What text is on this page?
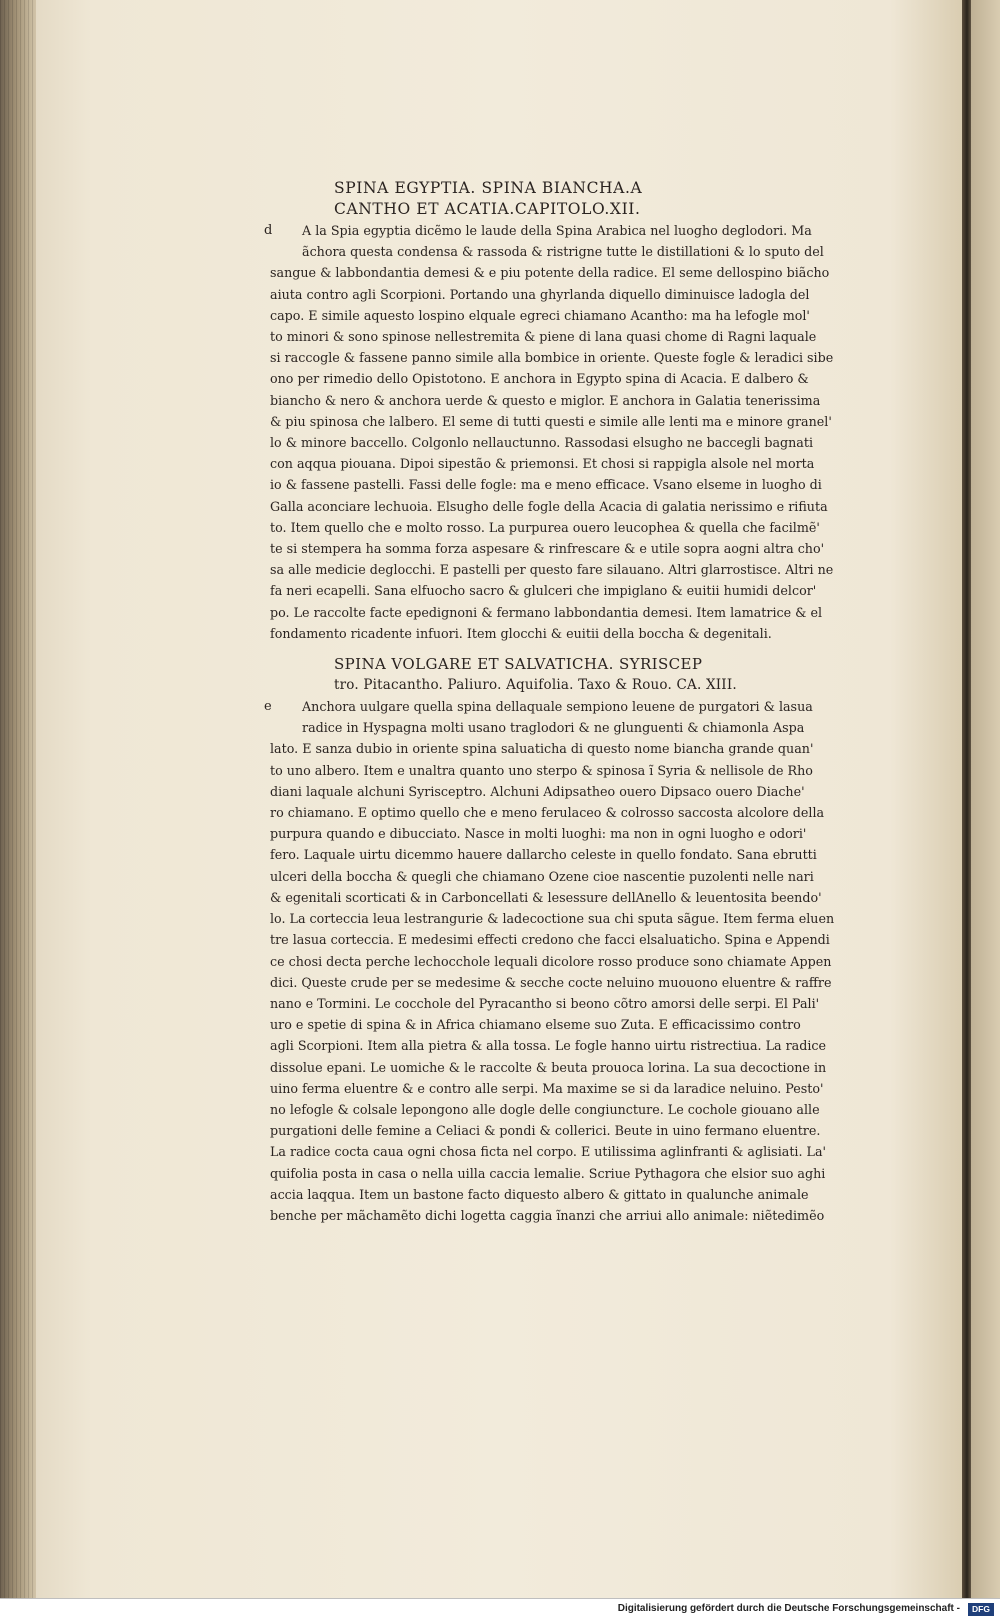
SPINA EGYPTIA. SPINA BIANCHA.A

CANTHO ET ACATIA.CAPITOLO.XII.

d A la Spia egyptia dicẽmo le laude della Spina Arabica nel luogho deglodori. Ma

ãchora questa condensa & rassoda & ristrigne tutte le distillationi & lo sputo del

sangue & labbondantia demesi & e piu potente della radice. El seme dellospino biãcho

aiuta contro agli Scorpioni. Portando una ghyrlanda diquello diminuisce ladogla del

capo. E simile aquesto lospino elquale egreci chiamano Acantho: ma ha lefogle mol'

to minori & sono spinose nellestremita & piene di lana quasi chome di Ragni laquale

si raccogle & fassene panno simile alla bombice in oriente. Queste fogle & leradici sibe

ono per rimedio dello Opistotono. E anchora in Egypto spina di Acacia. E dalbero &

biancho & nero & anchora uerde & questo e miglor. E anchora in Galatia tenerissima

& piu spinosa che lalbero. El seme di tutti questi e simile alle lenti ma e minore granel'

lo & minore baccello. Colgonlo nellauctunno. Rassodasi elsugho ne baccegli bagnati

con aqqua piouana. Dipoi sipestão & priemonsi. Et chosi si rappigla alsole nel morta

io & fassene pastelli. Fassi delle fogle: ma e meno efficace. Vsano elseme in luogho di

Galla aconciare lechuoia. Elsugho delle fogle della Acacia di galatia nerissimo e rifiuta

to. Item quello che e molto rosso. La purpurea ouero leucophea & quella che facilmẽ'

te si stempera ha somma forza aspesare & rinfrescare & e utile sopra aogni altra cho'

sa alle medicie deglocchi. E pastelli per questo fare silauano. Altri glarrostisce. Altri ne

fa neri ecapelli. Sana elfuocho sacro & glulceri che impiglano & euitii humidi delcor'

po. Le raccolte facte epedignoni & fermano labbondantia demesi. Item lamatrice & el

fondamento ricadente infuori. Item glocchi & euitii della boccha & degenitali.

SPINA VOLGARE ET SALVATICHA. SYRISCEP

tro. Pitacantho. Paliuro. Aquifolia. Taxo & Rouo. CA. XIII.

e Anchora uulgare quella spina dellaquale sempiono leuene de purgatori & lasua

radice in Hyspagna molti usano traglodori & ne glunguenti & chiamonla Aspa

lato. E sanza dubio in oriente spina saluaticha di questo nome biancha grande quan'

to uno albero. Item e unaltra quanto uno sterpo & spinosa ĩ Syria & nellisole de Rho

diani laquale alchuni Syrisceptro. Alchuni Adipsatheo ouero Dipsaco ouero Diache'

ro chiamano. E optimo quello che e meno ferulaceo & colrosso saccosta alcolore della

purpura quando e dibucciato. Nasce in molti luoghi: ma non in ogni luogho e odori'

fero. Laquale uirtu dicemmo hauere dallarcho celeste in quello fondato. Sana ebrutti

ulceri della boccha & quegli che chiamano Ozene cioe nascentie puzolenti nelle nari

& egenitali scorticati & in Carboncellati & lesessure dellAnello & leuentosita beendo'

lo. La corteccia leua lestrangurie & ladecoctione sua chi sputa sãgue. Item ferma eluen

tre lasua corteccia. E medesimi effecti credono che facci elsaluaticho. Spina e Appendi

ce chosi decta perche lechocchole lequali dicolore rosso produce sono chiamate Appen

dici. Queste crude per se medesime & secche cocte neluino muouono eluentre & raffre

nano e Tormini. Le cocchole del Pyracantho si beono cõtro amorsi delle serpi. El Pali'

uro e spetie di spina & in Africa chiamano elseme suo Zuta. E efficacissimo contro

agli Scorpioni. Item alla pietra & alla tossa. Le fogle hanno uirtu ristrectiua. La radice

dissolue epani. Le uomiche & le raccolte & beuta prouoca lorina. La sua decoctione in

uino ferma eluentre & e contro alle serpi. Ma maxime se si da laradice neluino. Pesto'

no lefogle & colsale lepongono alle dogle delle congiuncture. Le cochole giouano alle

purgationi delle femine a Celiaci & pondi & collerici. Beute in uino fermano eluentre.

La radice cocta caua ogni chosa ficta nel corpo. E utilissima aglinfranti & aglisiati. La'

quifolia posta in casa o nella uilla caccia lemalie. Scriue Pythagora che elsior suo aghi

accia laqqua. Item un bastone facto diquesto albero & gittato in qualunche animale

benche per mãchamẽto dichi logetta caggia ĩnanzi che arriui allo animale: niẽtedimẽo

Digitalisierung gefördert durch die Deutsche Forschungsgemeinschaft -	DFG
